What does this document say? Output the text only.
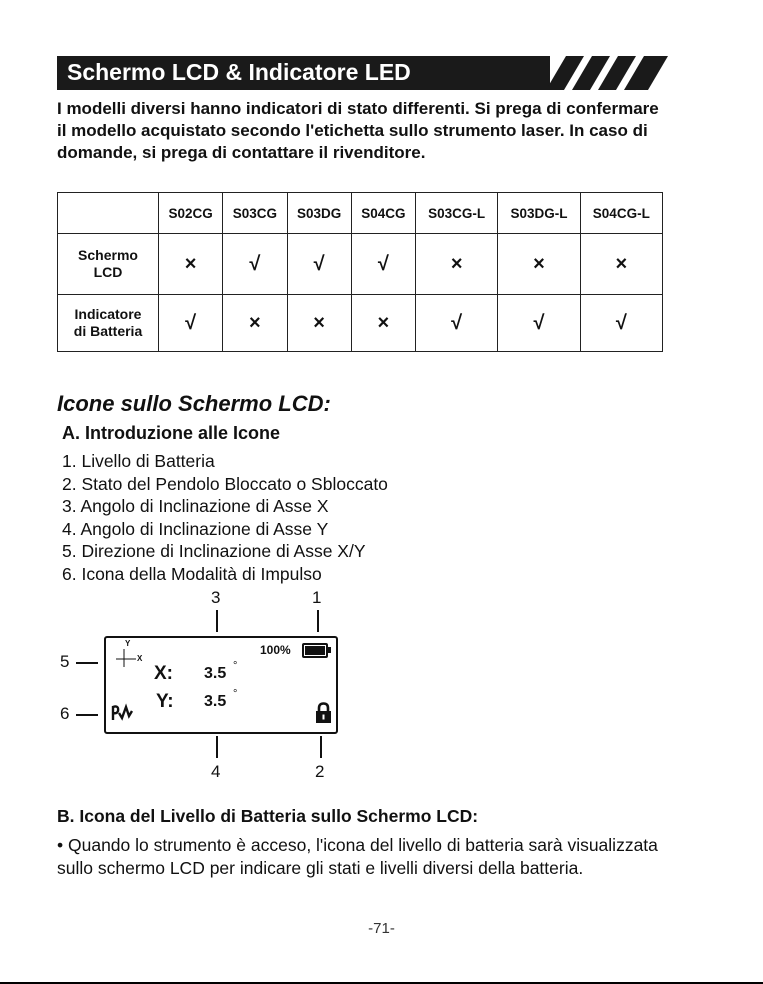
Schermo LCD & Indicatore LED
I modelli diversi hanno indicatori di stato differenti. Si prega di confermare il modello acquistato secondo l'etichetta sullo strumento laser. In caso di domande, si prega di contattare il rivenditore.
	S02CG	S03CG	S03DG	S04CG	S03CG-L	S03DG-L	S04CG-L
Schermo
LCD	×	√	√	√	×	×	×
Indicatore
di Batteria	√	×	×	×	√	√	√
Icone sullo Schermo LCD:
A. Introduzione alle Icone
1. Livello di Batteria
2. Stato del Pendolo Bloccato o Sbloccato
3. Angolo di Inclinazione di Asse X
4. Angolo di Inclinazione di Asse Y
5. Direzione di Inclinazione di Asse X/Y
6. Icona della Modalità di Impulso
3	1
5
6
4	2
Y
X
100%
X: 3.5 °
Y: 3.5 °
B. Icona del Livello di Batteria sullo Schermo LCD:
• Quando lo strumento è acceso, l'icona del livello di batteria sarà visualizzata sullo schermo LCD per indicare gli stati e livelli diversi della batteria.
-71-
